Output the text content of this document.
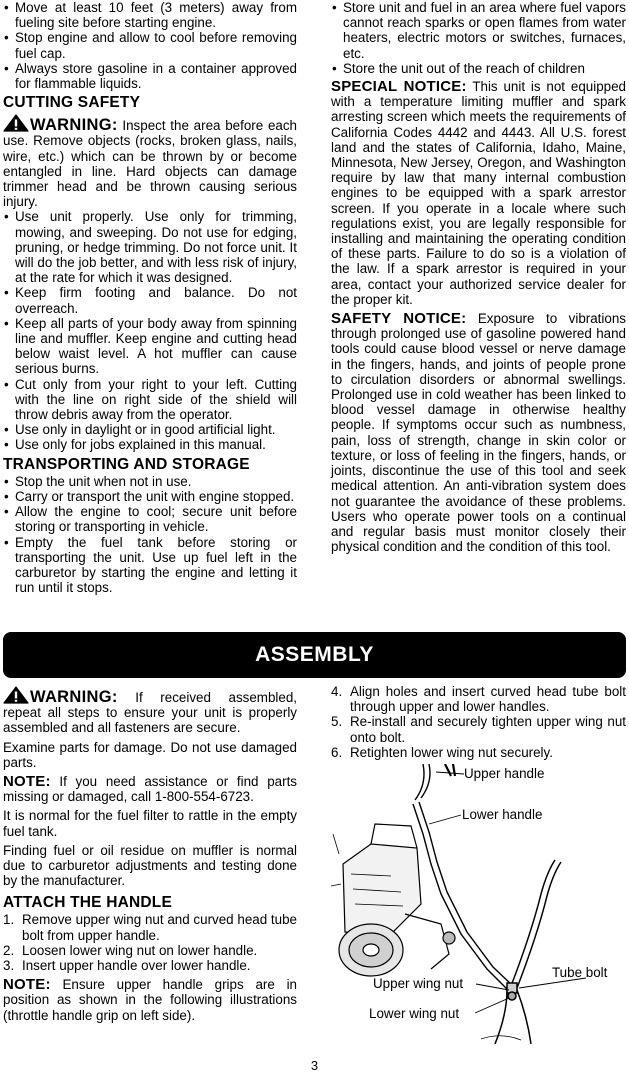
• Move at least 10 feet (3 meters) away from fueling site before starting engine.
• Stop engine and allow to cool before removing fuel cap.
• Always store gasoline in a container approved for flammable liquids.
CUTTING SAFETY

WARNING: Inspect the area before each use. Remove objects (rocks, broken glass, nails, wire, etc.) which can be thrown by or become entangled in line. Hard objects can damage trimmer head and be thrown causing serious injury.

• Use unit properly. Use only for trimming, mowing, and sweeping. Do not use for edging, pruning, or hedge trimming. Do not force unit. It will do the job better, and with less risk of injury, at the rate for which it was designed.
• Keep firm footing and balance. Do not overreach.
• Keep all parts of your body away from spinning line and muffler. Keep engine and cutting head below waist level. A hot muffler can cause serious burns.
• Cut only from your right to your left. Cutting with the line on right side of the shield will throw debris away from the operator.
• Use only in daylight or in good artificial light.
• Use only for jobs explained in this manual.
TRANSPORTING AND STORAGE
• Stop the unit when not in use.
• Carry or transport the unit with engine stopped.
• Allow the engine to cool; secure unit before storing or transporting in vehicle.
• Empty the fuel tank before storing or transporting the unit. Use up fuel left in the carburetor by starting the engine and letting it run until it stops.
• Store unit and fuel in an area where fuel vapors cannot reach sparks or open flames from water heaters, electric motors or switches, furnaces, etc.
• Store the unit out of the reach of children

SPECIAL NOTICE: This unit is not equipped with a temperature limiting muffler and spark arresting screen which meets the requirements of California Codes 4442 and 4443. All U.S. forest land and the states of California, Idaho, Maine, Minnesota, New Jersey, Oregon, and Washington require by law that many internal combustion engines to be equipped with a spark arrestor screen. If you operate in a locale where such regulations exist, you are legally responsible for installing and maintaining the operating condition of these parts. Failure to do so is a violation of the law. If a spark arrestor is required in your area, contact your authorized service dealer for the proper kit.

SAFETY NOTICE: Exposure to vibrations through prolonged use of gasoline powered hand tools could cause blood vessel or nerve damage in the fingers, hands, and joints of people prone to circulation disorders or abnormal swellings. Prolonged use in cold weather has been linked to blood vessel damage in otherwise healthy people. If symptoms occur such as numbness, pain, loss of strength, change in skin color or texture, or loss of feeling in the fingers, hands, or joints, discontinue the use of this tool and seek medical attention. An anti-vibration system does not guarantee the avoidance of these problems. Users who operate power tools on a continual and regular basis must monitor closely their physical condition and the condition of this tool.

ASSEMBLY

WARNING: If received assembled, repeat all steps to ensure your unit is properly assembled and all fasteners are secure.

Examine parts for damage. Do not use damaged parts.

NOTE: If you need assistance or find parts missing or damaged, call 1-800-554-6723.

It is normal for the fuel filter to rattle in the empty fuel tank.

Finding fuel or oil residue on muffler is normal due to carburetor adjustments and testing done by the manufacturer.

ATTACH THE HANDLE
1. Remove upper wing nut and curved head tube bolt from upper handle.
2. Loosen lower wing nut on lower handle.
3. Insert upper handle over lower handle.

NOTE: Ensure upper handle grips are in position as shown in the following illustrations (throttle handle grip on left side).

4. Align holes and insert curved head tube bolt through upper and lower handles.
5. Re-install and securely tighten upper wing nut onto bolt.
6. Retighten lower wing nut securely.
Upper handle
Lower handle
Tube bolt
Upper wing nut
Lower wing nut
3
